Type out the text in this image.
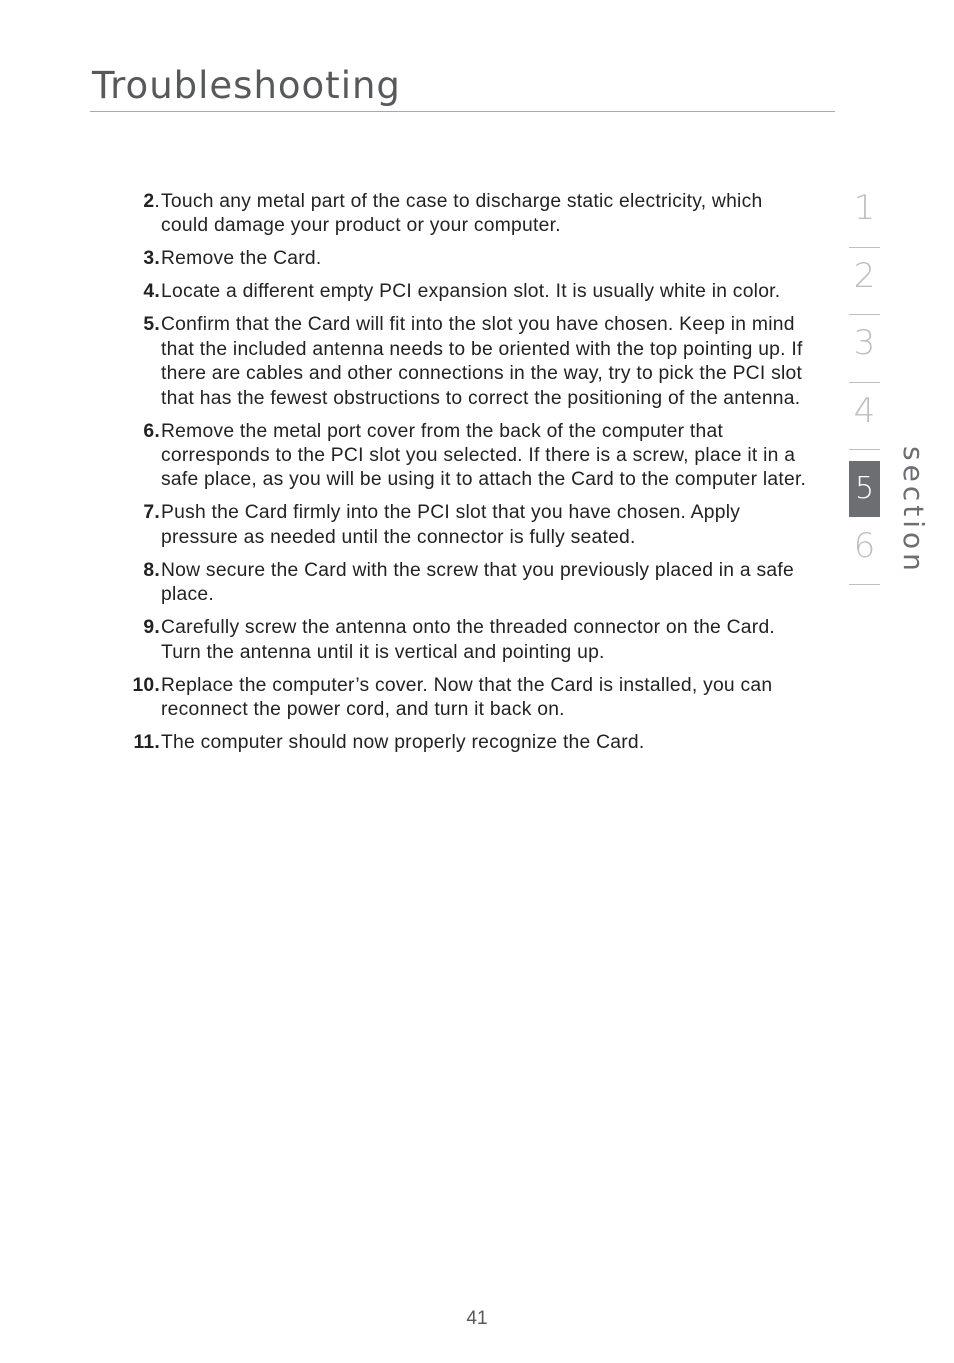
Troubleshooting
2. Touch any metal part of the case to discharge static electricity, which could damage your product or your computer.
3. Remove the Card.
4. Locate a different empty PCI expansion slot. It is usually white in color.
5. Confirm that the Card will fit into the slot you have chosen. Keep in mind that the included antenna needs to be oriented with the top pointing up. If there are cables and other connections in the way, try to pick the PCI slot that has the fewest obstructions to correct the positioning of the antenna.
6. Remove the metal port cover from the back of the computer that corresponds to the PCI slot you selected. If there is a screw, place it in a safe place, as you will be using it to attach the Card to the computer later.
7. Push the Card firmly into the PCI slot that you have chosen. Apply pressure as needed until the connector is fully seated.
8. Now secure the Card with the screw that you previously placed in a safe place.
9. Carefully screw the antenna onto the threaded connector on the Card. Turn the antenna until it is vertical and pointing up.
10. Replace the computer’s cover. Now that the Card is installed, you can reconnect the power cord, and turn it back on.
11. The computer should now properly recognize the Card.
1
2
3
4
5
6 section
41
